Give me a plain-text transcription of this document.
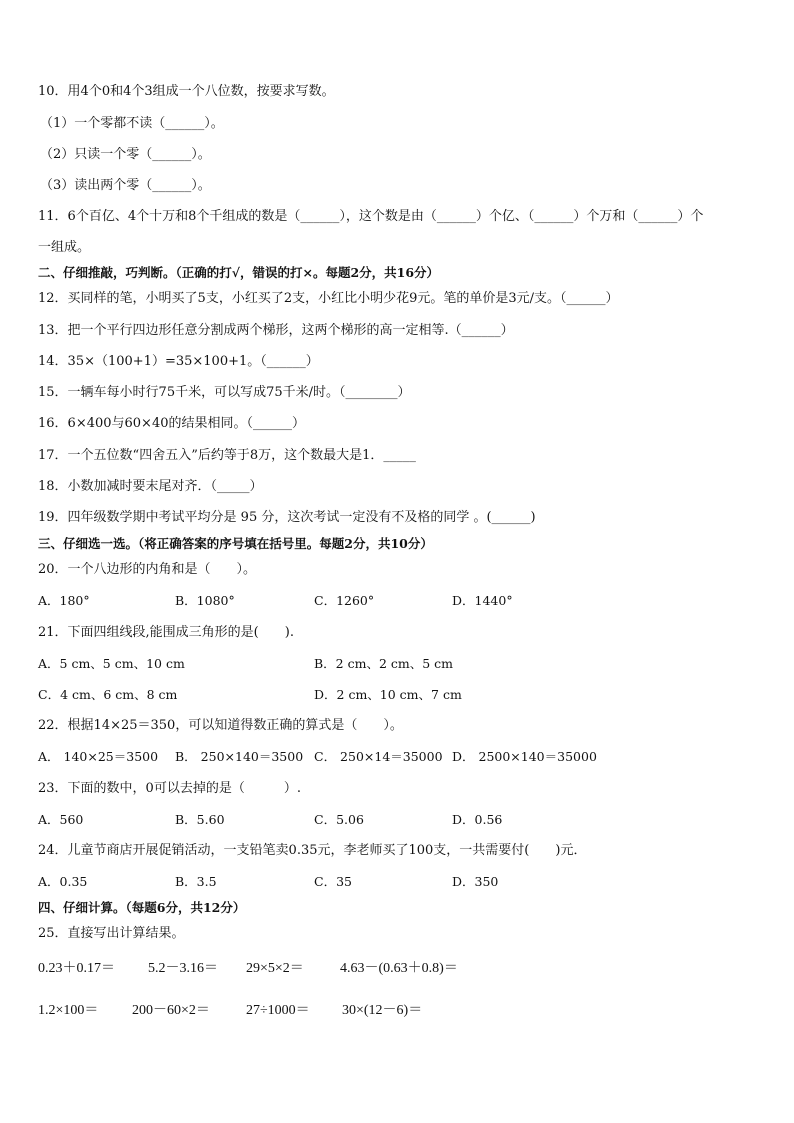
10．用4个0和4个3组成一个八位数，按要求写数。
（1）一个零都不读（______）。
（2）只读一个零（______）。
（3）读出两个零（______）。
11．6个百亿、4个十万和8个千组成的数是（______），这个数是由（______）个亿、（______）个万和（______）个
一组成。
二、仔细推敲，巧判断。（正确的打√，错误的打×。每题2分，共16分）
12．买同样的笔，小明买了5支，小红买了2支，小红比小明少花9元。笔的单价是3元/支。（______）
13．把一个平行四边形任意分割成两个梯形，这两个梯形的高一定相等.（______）
14．35×（100+1）=35×100+1。（______）
15．一辆车每小时行75千米，可以写成75千米/时。（________）
16．6×400与60×40的结果相同。（______）
17．一个五位数“四舍五入”后约等于8万，这个数最大是1．_____
18．小数加减时要末尾对齐．（_____）
19．四年级数学期中考试平均分是 95 分，这次考试一定没有不及格的同学 。(______)
三、仔细选一选。（将正确答案的序号填在括号里。每题2分，共10分）
20．一个八边形的内角和是（　　）。
A．180°	B．1080°	C．1260°	D．1440°
21．下面四组线段,能围成三角形的是(　　).
A．5 cm、5 cm、10 cm	B．2 cm、2 cm、5 cm
C．4 cm、6 cm、8 cm	D．2 cm、10 cm、7 cm
22．根据14×25＝350，可以知道得数正确的算式是（　　）。
A． 140×25＝3500 B． 250×140＝3500 C． 250×14＝35000 D． 2500×140＝35000
23．下面的数中，0可以去掉的是（　　　）.
A．560	B．5.60	C．5.06	D．0.56
24．儿童节商店开展促销活动，一支铅笔卖0.35元，李老师买了100支，一共需要付(　　)元．
A．0.35	B．3.5	C．35	D．350
四、仔细计算。（每题6分，共12分）
25．直接写出计算结果。
0.23＋0.17＝ 5.2－3.16＝ 29×5×2＝	4.63－(0.63＋0.8)＝
1.2×100＝ 200－60×2＝	27÷1000＝ 30×(12－6)＝
